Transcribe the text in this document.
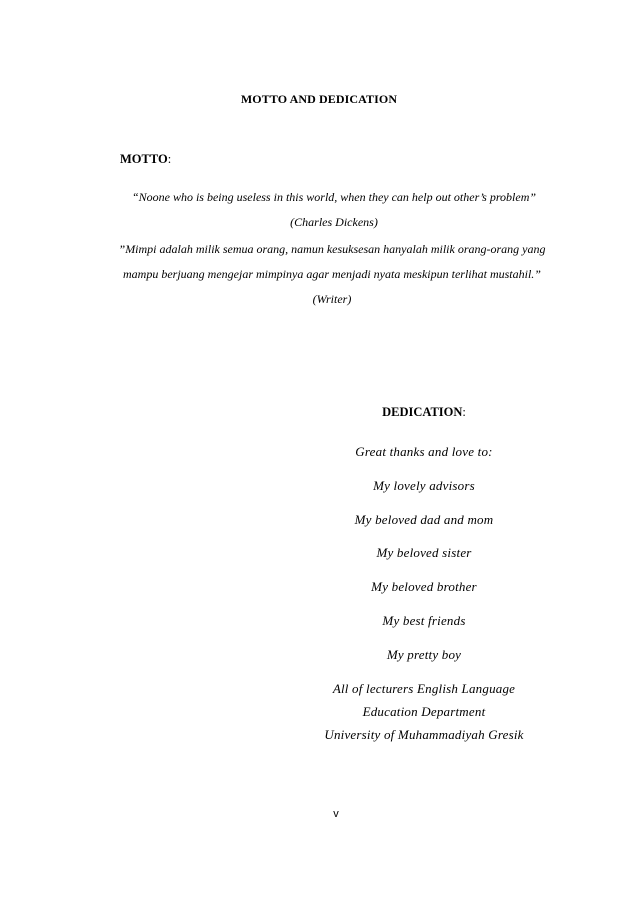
MOTTO AND DEDICATION
MOTTO:
“Noone who is being useless in this world, when they can help out other’s problem” (Charles Dickens)
”Mimpi adalah milik semua orang, namun kesuksesan hanyalah milik orang-orang yang mampu berjuang mengejar mimpinya agar menjadi nyata meskipun terlihat mustahil.” (Writer)
DEDICATION:
Great thanks and love to:
My lovely advisors
My beloved dad and mom
My beloved sister
My beloved brother
My best friends
My pretty boy
All of lecturers English Language
Education Department
University of Muhammadiyah Gresik
v
